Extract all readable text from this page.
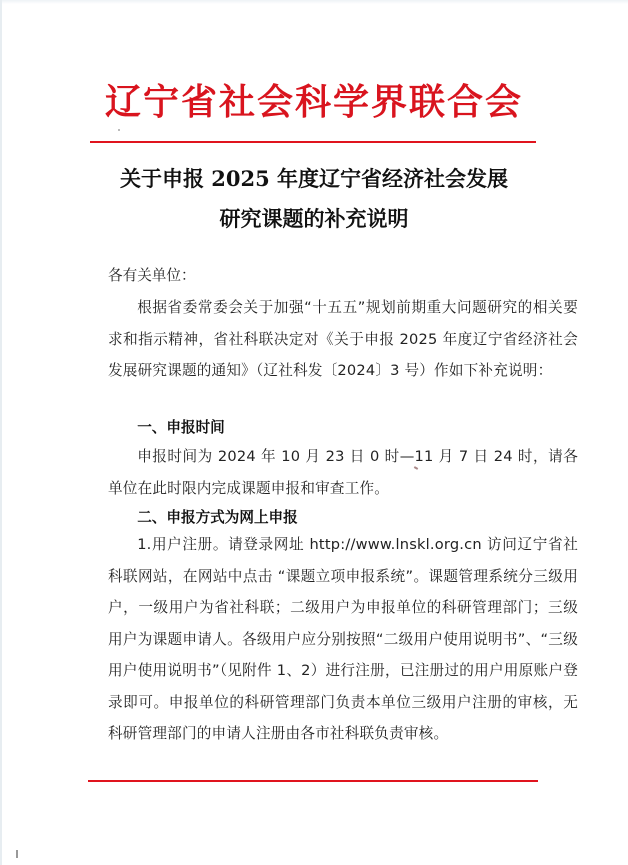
辽宁省社会科学界联合会
关于申报 2025 年度辽宁省经济社会发展
研究课题的补充说明
各有关单位：
根据省委常委会关于加强“十五五”规划前期重大问题研究的相关要求和指示精神，省社科联决定对《关于申报 2025 年度辽宁省经济社会发展研究课题的通知》（辽社科发〔2024〕3 号）作如下补充说明：
一、申报时间
申报时间为 2024 年 10 月 23 日 0 时—11 月 7 日 24 时，请各单位在此时限内完成课题申报和审查工作。
二、申报方式为网上申报
1.用户注册。请登录网址 http://www.lnskl.org.cn 访问辽宁省社科联网站，在网站中点击 “课题立项申报系统”。课题管理系统分三级用户，一级用户为省社科联；二级用户为申报单位的科研管理部门；三级用户为课题申请人。各级用户应分别按照“二级用户使用说明书”、“三级用户使用说明书”（见附件 1、2）进行注册，已注册过的用户用原账户登录即可。申报单位的科研管理部门负责本单位三级用户注册的审核，无科研管理部门的申请人注册由各市社科联负责审核。
